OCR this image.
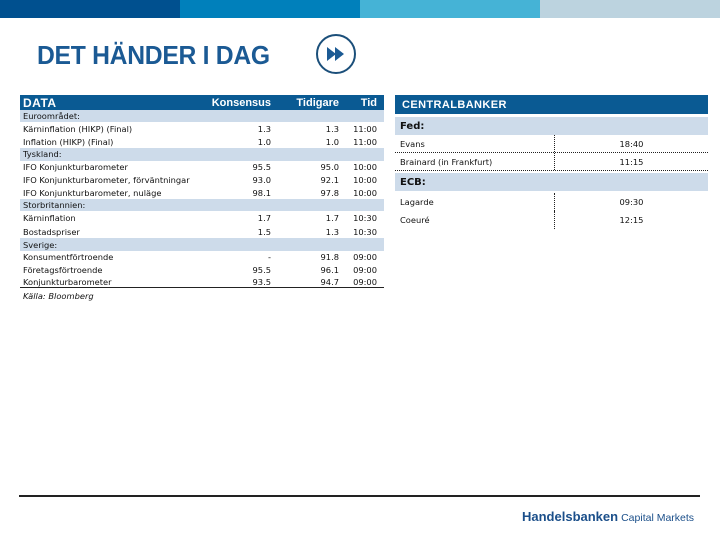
DET HÄNDER I DAG
DATA	Konsensus	Tidigare	Tid
Euroområdet:
Kärninflation (HIKP) (Final)	1.3	1.3	11:00
Inflation (HIKP) (Final)	1.0	1.0	11:00
Tyskland:
IFO Konjunkturbarometer	95.5	95.0	10:00
IFO Konjunkturbarometer, förväntningar	93.0	92.1	10:00
IFO Konjunkturbarometer, nuläge	98.1	97.8	10:00
Storbritannien:
Kärninflation	1.7	1.7	10:30
Bostadspriser	1.5	1.3	10:30
Sverige:
Konsumentförtroende	-	91.8	09:00
Företagsförtroende	95.5	96.1	09:00
Konjunkturbarometer	93.5	94.7	09:00
Källa: Bloomberg
CENTRALBANKER
Fed:
Evans	18:40
Brainard (in Frankfurt)	11:15
ECB:
Lagarde	09:30
Coeuré	12:15
Handelsbanken Capital Markets
